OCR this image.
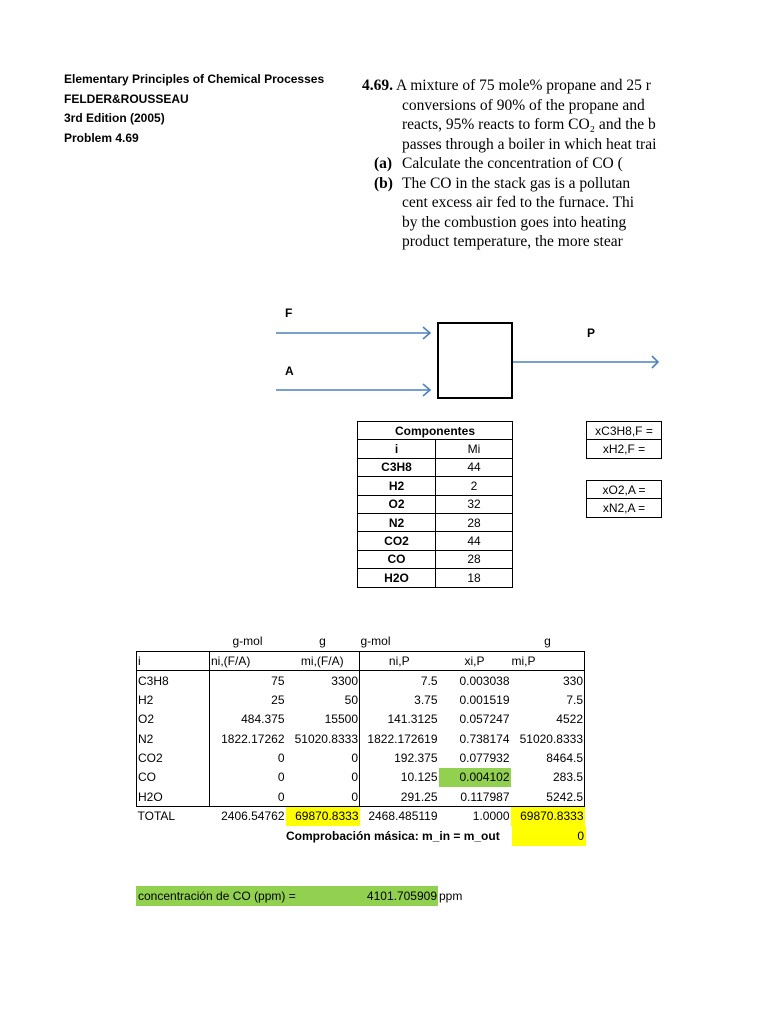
Elementary Principles of Chemical Processes
FELDER&ROUSSEAU
3rd Edition (2005)
Problem 4.69
4.69. A mixture of 75 mole% propane and 25 r
conversions of 90% of the propane and
reacts, 95% reacts to form CO₂ and the b
passes through a boiler in which heat trai
(a) Calculate the concentration of CO (
(b) The CO in the stack gas is a pollutan
cent excess air fed to the furnace. Thi
by the combustion goes into heating
product temperature, the more stear
F
A
P
Componentes	
i	Mi
C3H8	44
H2	2
O2	32
N2	28
CO2	44
CO	28
H2O	18
xC3H8,F =
xH2,F =
xO2,A =
xN2,A =
	g-mol	g	g-mol		g
i	ni,(F/A)	mi,(F/A)	ni,P	xi,P	mi,P
C3H8	75	3300	7.5	0.003038	330
H2	25	50	3.75	0.001519	7.5
O2	484.375	15500	141.3125	0.057247	4522
N2	1822.17262	51020.8333	1822.172619	0.738174	51020.8333
CO2	0	0	192.375	0.077932	8464.5
CO	0	0	10.125	0.004102	283.5
H2O	0	0	291.25	0.117987	5242.5
TOTAL	2406.54762	69870.8333	2468.485119	1.0000	69870.8333
Comprobación másica: m_in = m_out	0
concentración de CO (ppm) =	4101.705909 ppm
